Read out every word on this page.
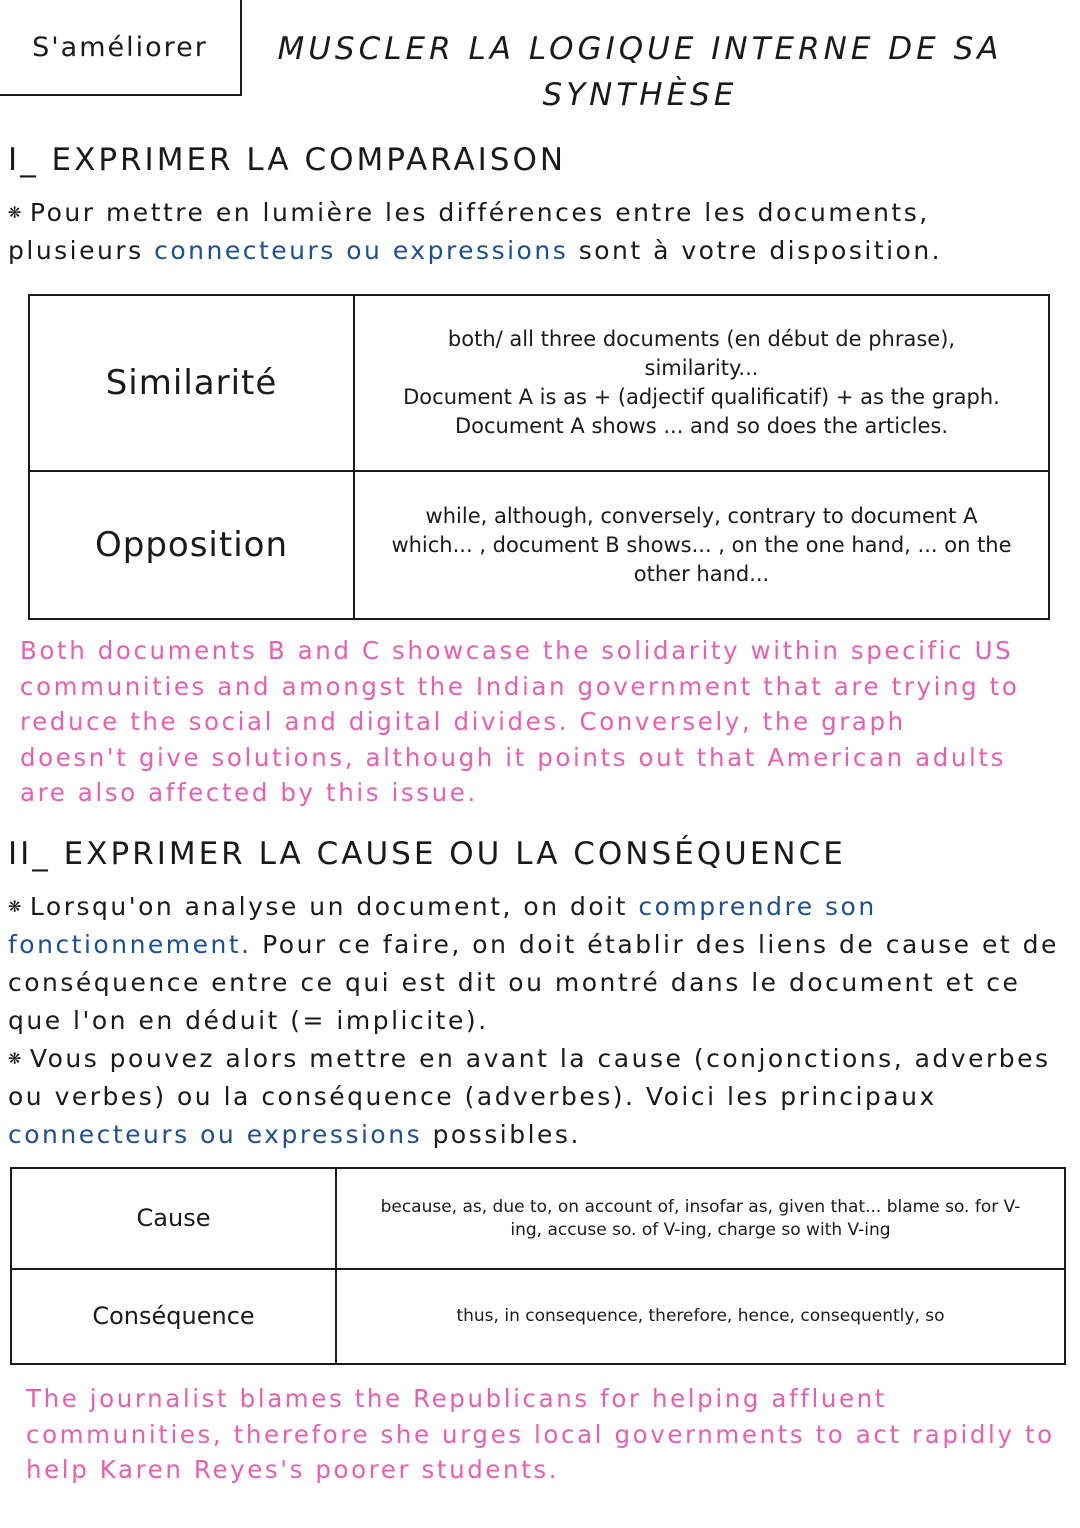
S'améliorer	MUSCLER LA LOGIQUE INTERNE DE SA
SYNTHÈSE
I_ EXPRIMER LA COMPARAISON
❋ Pour mettre en lumière les différences entre les documents, plusieurs connecteurs ou expressions sont à votre disposition.
Similarité	both/ all three documents (en début de phrase),
similarity...
Document A is as + (adjectif qualificatif) + as the graph.
Document A shows ... and so does the articles.

Opposition	while, although, conversely, contrary to document A
which... , document B shows... , on the one hand, ... on the
other hand...
Both documents B and C showcase the solidarity within specific US communities and amongst the Indian government that are trying to reduce the social and digital divides. Conversely, the graph doesn't give solutions, although it points out that American adults are also affected by this issue.
II_ EXPRIMER LA CAUSE OU LA CONSÉQUENCE
❋ Lorsqu'on analyse un document, on doit comprendre son fonctionnement. Pour ce faire, on doit établir des liens de cause et de conséquence entre ce qui est dit ou montré dans le document et ce que l'on en déduit (= implicite).
❋ Vous pouvez alors mettre en avant la cause (conjonctions, adverbes ou verbes) ou la conséquence (adverbes). Voici les principaux connecteurs ou expressions possibles.
Cause	because, as, due to, on account of, insofar as, given that... blame so. for V-
ing, accuse so. of V-ing, charge so with V-ing

Conséquence	thus, in consequence, therefore, hence, consequently, so
The journalist blames the Republicans for helping affluent communities, therefore she urges local governments to act rapidly to help Karen Reyes's poorer students.
